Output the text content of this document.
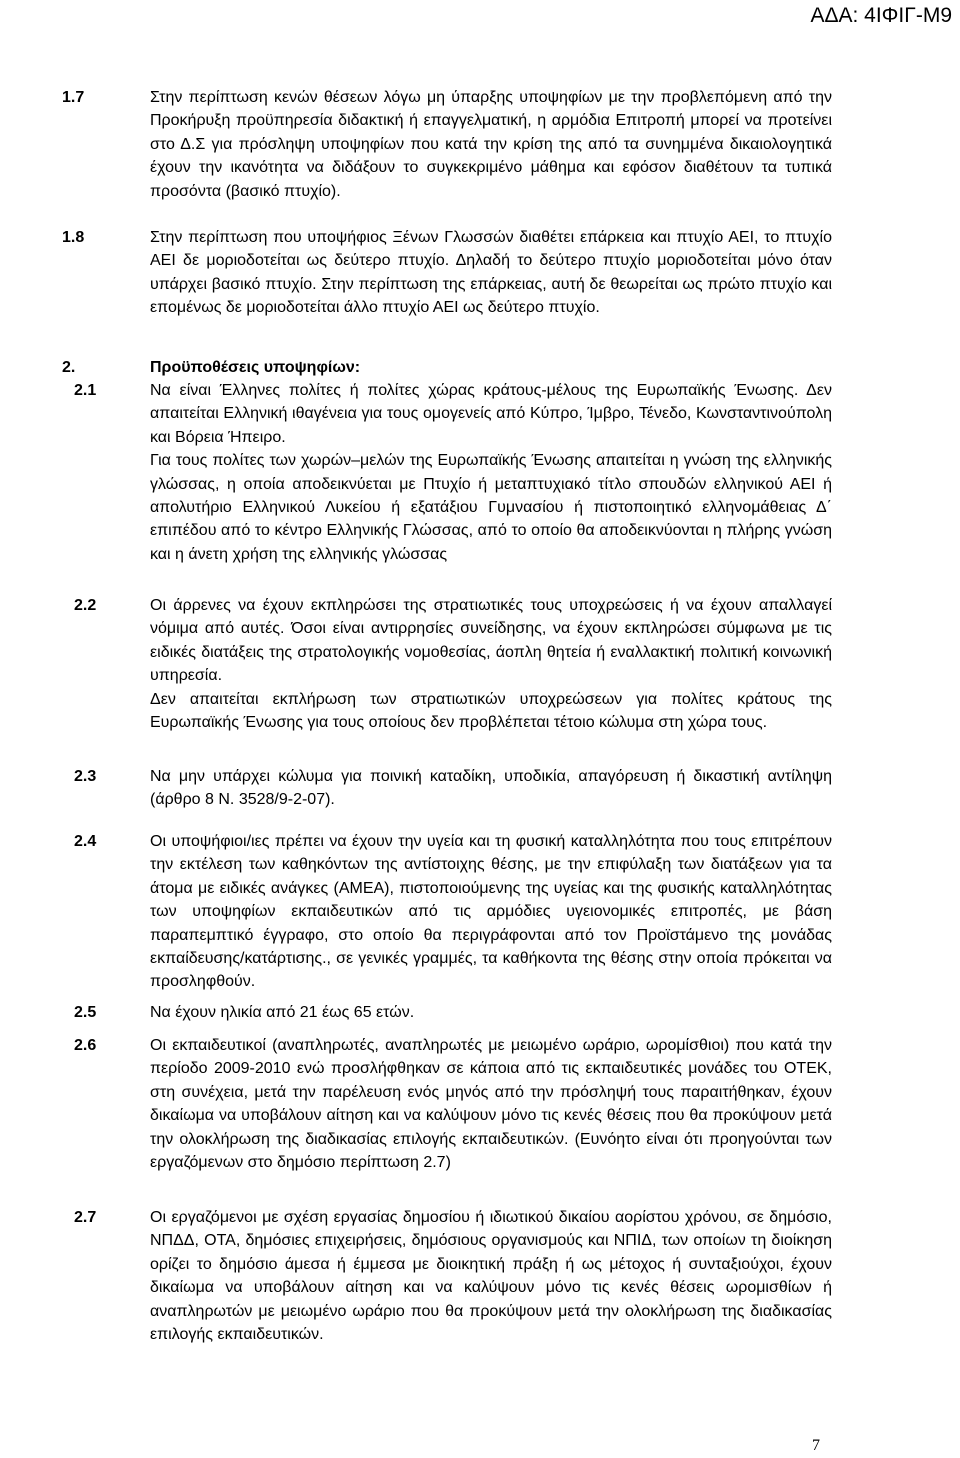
ΑΔΑ: 4ΙΦΙΓ-Μ9
1.7	Στην περίπτωση κενών θέσεων λόγω μη ύπαρξης υποψηφίων με την προβλεπόμενη από την Προκήρυξη προϋπηρεσία διδακτική ή επαγγελματική, η αρμόδια Επιτροπή μπορεί να προτείνει στο Δ.Σ για πρόσληψη υποψηφίων που κατά την κρίση της από τα συνημμένα δικαιολογητικά έχουν την ικανότητα να διδάξουν το συγκεκριμένο μάθημα και εφόσον διαθέτουν τα τυπικά προσόντα (βασικό πτυχίο).

1.8	Στην περίπτωση που υποψήφιος Ξένων Γλωσσών διαθέτει επάρκεια και πτυχίο ΑΕΙ, το πτυχίο ΑΕΙ δε μοριοδοτείται ως δεύτερο πτυχίο. Δηλαδή το δεύτερο πτυχίο μοριοδοτείται μόνο όταν υπάρχει βασικό πτυχίο. Στην περίπτωση της επάρκειας, αυτή δε θεωρείται ως πρώτο πτυχίο και επομένως δε μοριοδοτείται άλλο πτυχίο ΑΕΙ ως δεύτερο πτυχίο.

2.	Προϋποθέσεις υποψηφίων:

2.1	Να είναι Έλληνες πολίτες ή πολίτες χώρας κράτους-μέλους της Ευρωπαϊκής Ένωσης. Δεν απαιτείται Ελληνική ιθαγένεια για τους ομογενείς από Κύπρο, Ίμβρο, Τένεδο, Κωνσταντινούπολη και Βόρεια Ήπειρο.

Για τους πολίτες των χωρών–μελών της Ευρωπαϊκής Ένωσης απαιτείται η γνώση της ελληνικής γλώσσας, η οποία αποδεικνύεται με Πτυχίο ή μεταπτυχιακό τίτλο σπουδών ελληνικού ΑΕΙ ή απολυτήριο Ελληνικού Λυκείου ή εξατάξιου Γυμνασίου ή πιστοποιητικό ελληνομάθειας Δ΄ επιπέδου από το κέντρο Ελληνικής Γλώσσας, από το οποίο θα αποδεικνύονται η πλήρης γνώση και η άνετη χρήση της ελληνικής γλώσσας

2.2	Οι άρρενες να έχουν εκπληρώσει της στρατιωτικές τους υποχρεώσεις ή να έχουν απαλλαγεί νόμιμα από αυτές. Όσοι είναι αντιρρησίες συνείδησης, να έχουν εκπληρώσει σύμφωνα με τις ειδικές διατάξεις της στρατολογικής νομοθεσίας, άοπλη θητεία ή εναλλακτική πολιτική κοινωνική υπηρεσία.

Δεν απαιτείται εκπλήρωση των στρατιωτικών υποχρεώσεων για πολίτες κράτους της Ευρωπαϊκής Ένωσης για τους οποίους δεν προβλέπεται τέτοιο κώλυμα στη χώρα τους.

2.3	Να μην υπάρχει κώλυμα για ποινική καταδίκη, υποδικία, απαγόρευση ή δικαστική αντίληψη (άρθρο 8 Ν. 3528/9-2-07).

2.4	Οι υποψήφιοι/ιες πρέπει να έχουν την υγεία και τη φυσική καταλληλότητα που τους επιτρέπουν την εκτέλεση των καθηκόντων της αντίστοιχης θέσης, με την επιφύλαξη των διατάξεων για τα άτομα με ειδικές ανάγκες (ΑΜΕΑ), πιστοποιούμενης της υγείας και της φυσικής καταλληλότητας των υποψηφίων εκπαιδευτικών από τις αρμόδιες υγειονομικές επιτροπές, με βάση παραπεμπτικό έγγραφο, στο οποίο θα περιγράφονται από τον Προϊστάμενο της μονάδας εκπαίδευσης/κατάρτισης., σε γενικές γραμμές, τα καθήκοντα της θέσης στην οποία πρόκειται να προσληφθούν.

2.5	Να έχουν ηλικία από 21 έως 65 ετών.

2.6	Οι εκπαιδευτικοί (αναπληρωτές, αναπληρωτές με μειωμένο ωράριο, ωρομίσθιοι) που κατά την περίοδο 2009-2010 ενώ προσλήφθηκαν σε κάποια από τις εκπαιδευτικές μονάδες του ΟΤΕΚ, στη συνέχεια, μετά την παρέλευση ενός μηνός από την πρόσληψή τους παραιτήθηκαν, έχουν δικαίωμα να υποβάλουν αίτηση και να καλύψουν μόνο τις κενές θέσεις που θα προκύψουν μετά την ολοκλήρωση της διαδικασίας επιλογής εκπαιδευτικών. (Ευνόητο είναι ότι προηγούνται των εργαζόμενων στο δημόσιο περίπτωση 2.7)

2.7	Οι εργαζόμενοι με σχέση εργασίας δημοσίου ή ιδιωτικού δικαίου αορίστου χρόνου, σε δημόσιο, ΝΠΔΔ, ΟΤΑ, δημόσιες επιχειρήσεις, δημόσιους οργανισμούς και ΝΠΙΔ, των οποίων τη διοίκηση ορίζει το δημόσιο άμεσα ή έμμεσα με διοικητική πράξη ή ως μέτοχος ή συνταξιούχοι, έχουν δικαίωμα να υποβάλουν αίτηση και να καλύψουν μόνο τις κενές θέσεις ωρομισθίων ή αναπληρωτών με μειωμένο ωράριο που θα προκύψουν μετά την ολοκλήρωση της διαδικασίας επιλογής εκπαιδευτικών.

7
